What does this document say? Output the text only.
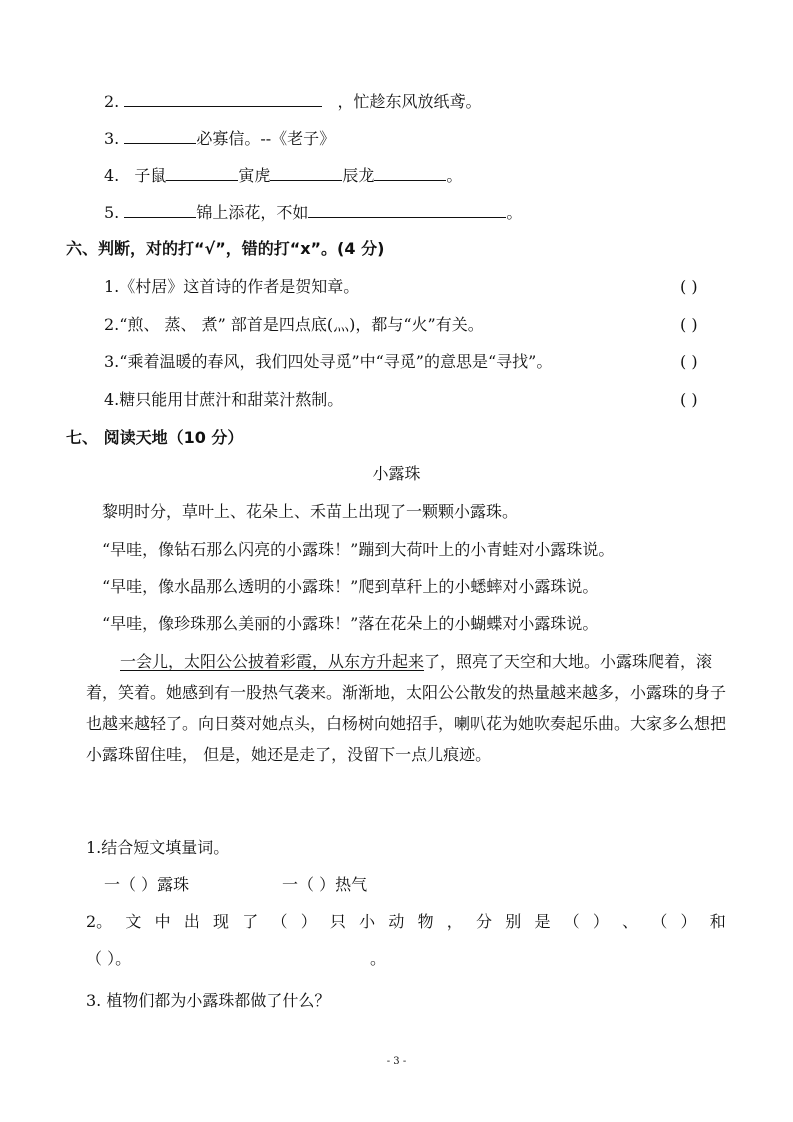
2.	，忙趁东风放纸鸢。
3.	必寡信。--《老子》
4. 子鼠	寅虎	辰龙	。
5.	锦上添花，不如	。
六、判断，对的打“√”，错的打“x”。(4 分)
1.《村居》这首诗的作者是贺知章。	( )
2.“煎、 蒸、 煮” 部首是四点底(灬)，都与“火”有关。	( )
3.“乘着温暖的春风，我们四处寻觅”中“寻觅”的意思是“寻找”。	( )
4.糖只能用甘蔗汁和甜菜汁熬制。	( )
七、 阅读天地（10 分）
小露珠
黎明时分，草叶上、花朵上、禾苗上出现了一颗颗小露珠。
“早哇，像钻石那么闪亮的小露珠！”蹦到大荷叶上的小青蛙对小露珠说。
“早哇，像水晶那么透明的小露珠！”爬到草秆上的小蟋蟀对小露珠说。
“早哇，像珍珠那么美丽的小露珠！”落在花朵上的小蝴蝶对小露珠说。
一会儿，太阳公公披着彩霞，从东方升起来了，照亮了天空和大地。小露珠爬着，滚着，笑着。她感到有一股热气袭来。渐渐地，太阳公公散发的热量越来越多，小露珠的身子也越来越轻了。向日葵对她点头，白杨树向她招手，喇叭花为她吹奏起乐曲。大家多么想把小露珠留住哇， 但是，她还是走了，没留下一点儿痕迹。
1.结合短文填量词。
一（ ）露珠	一（ ）热气
2。 文 中 出 现 了 （ ） 只 小 动 物 ， 分 别 是 （ ） 、 （ ） 和
（ ）。	。
3. 植物们都为小露珠都做了什么？
- 3 -
